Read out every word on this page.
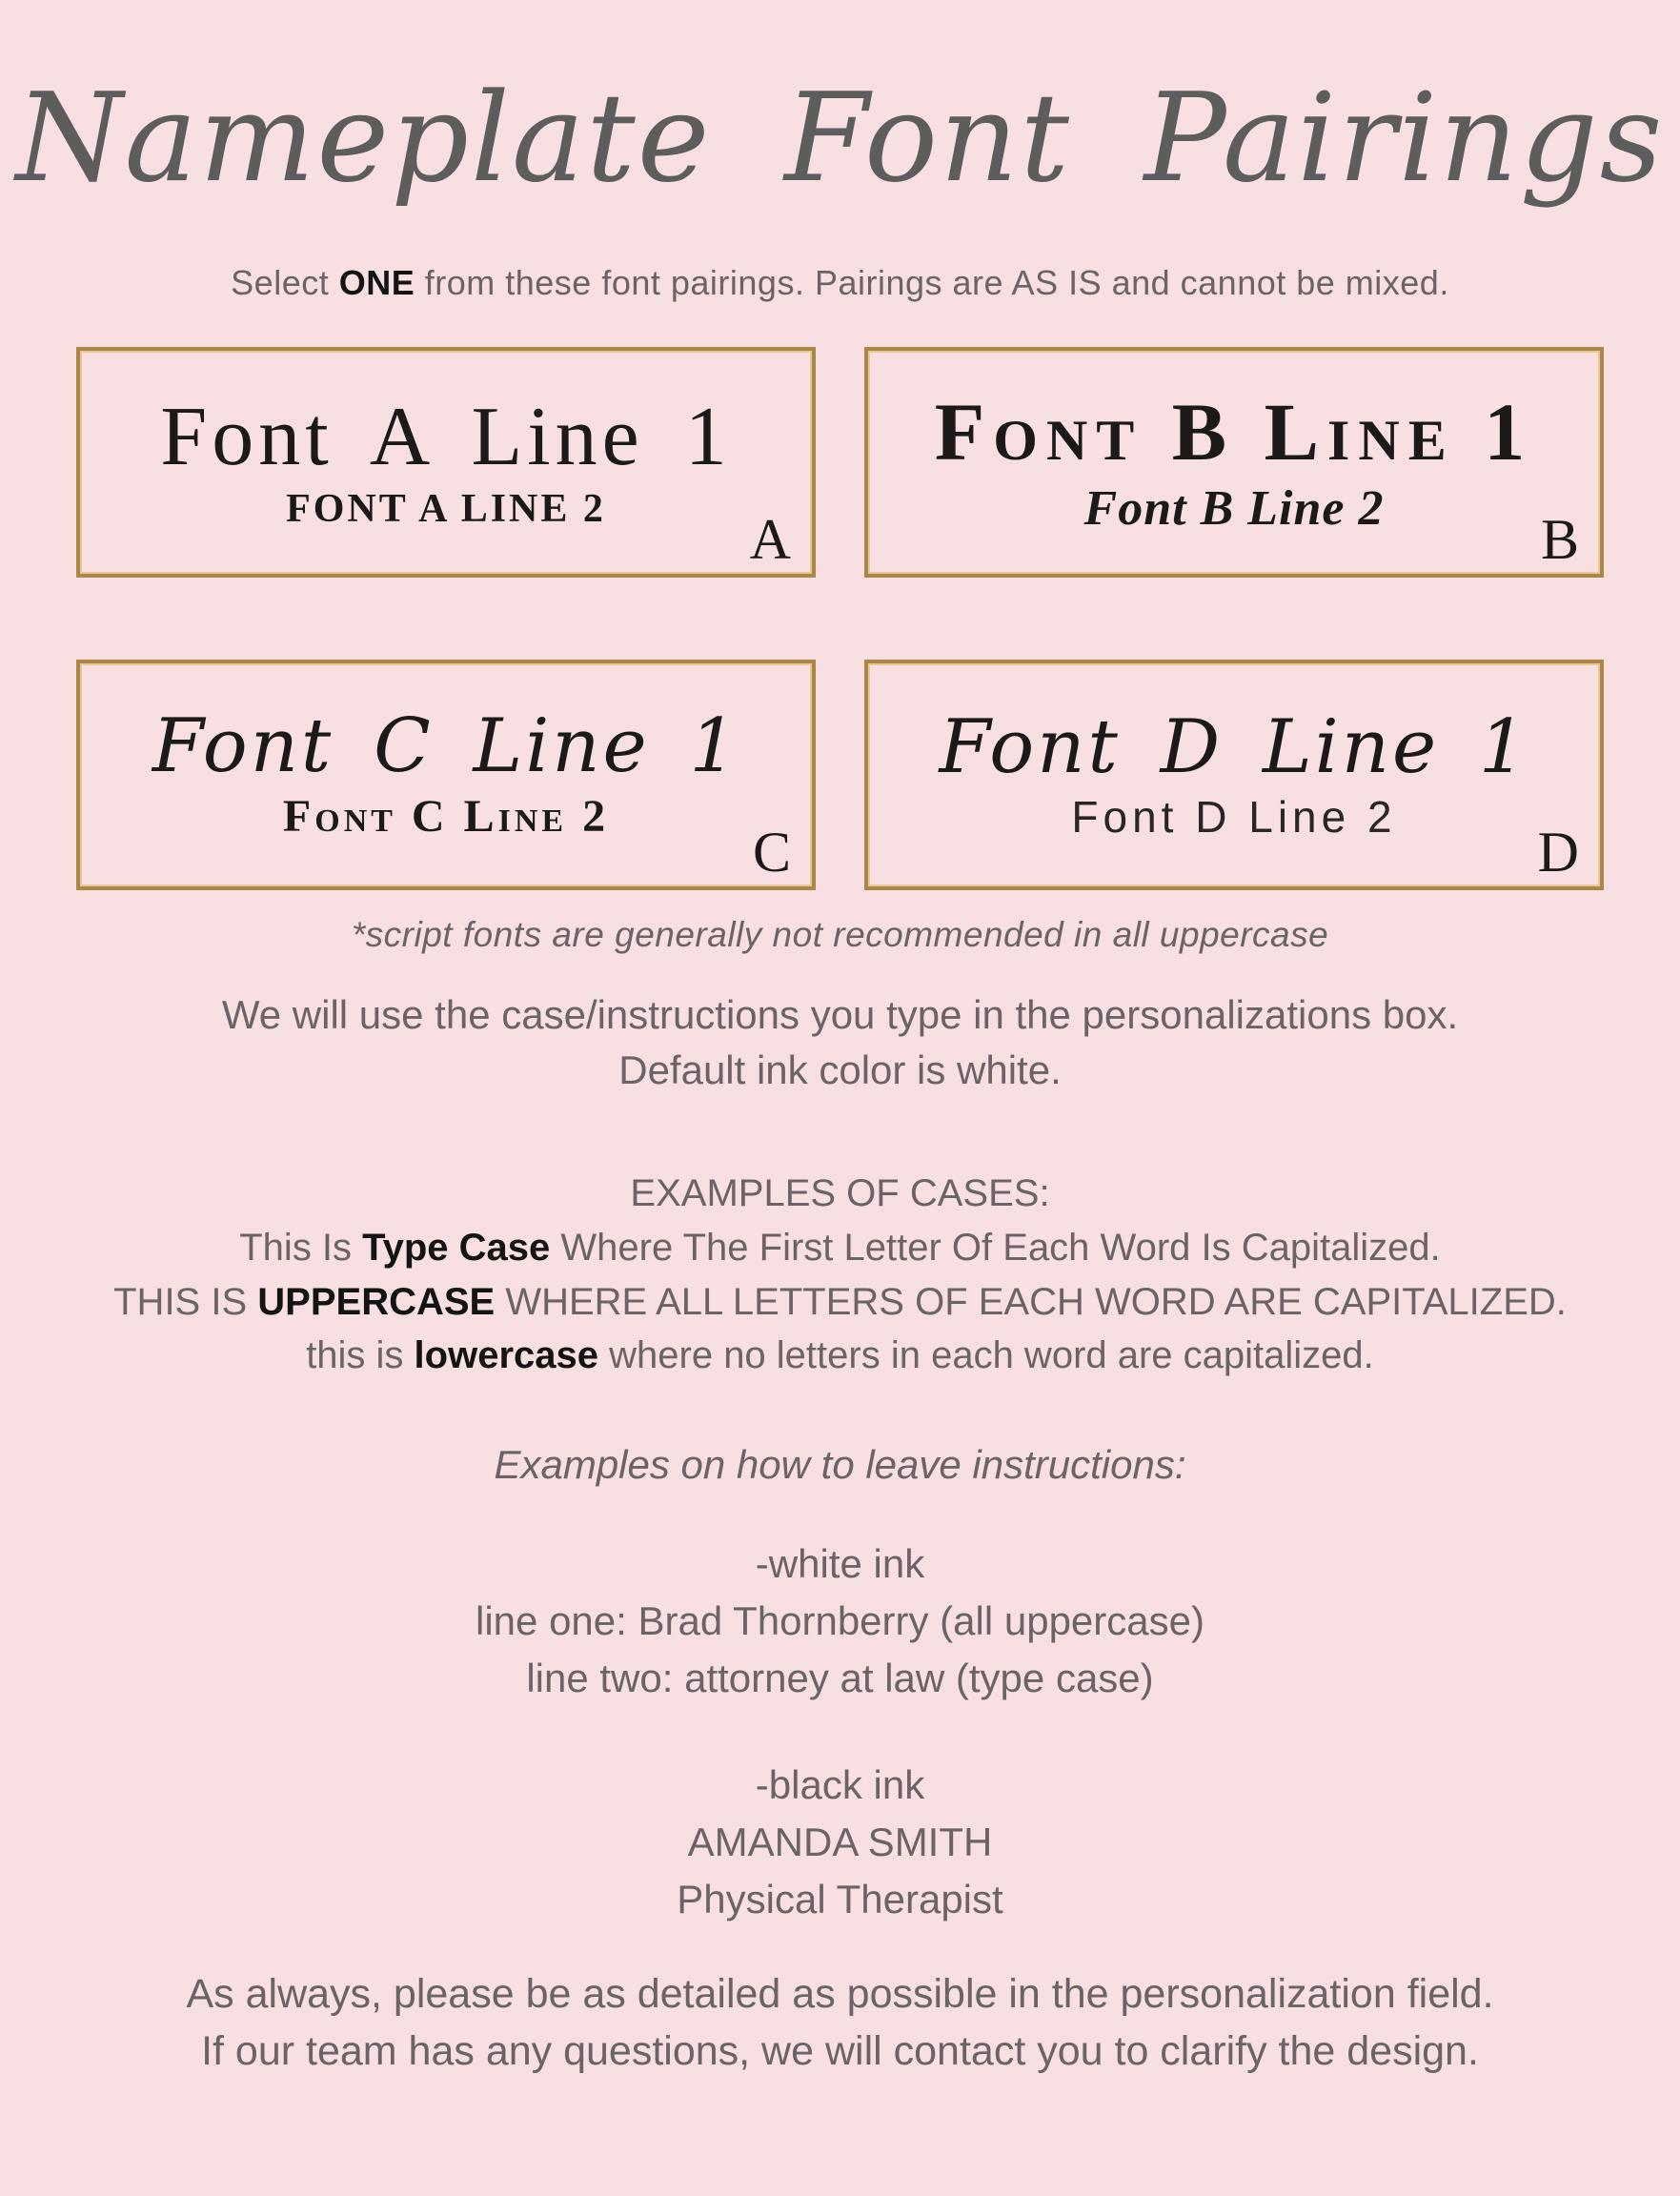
Nameplate Font Pairings
Select ONE from these font pairings. Pairings are AS IS and cannot be mixed.
Font A Line 1
FONT A LINE 2	A
Font B Line 1
Font B Line 2	B
Font C Line 1
Font C Line 2
C
Font D Line 1
Font D Line 2
D
*script fonts are generally not recommended in all uppercase
We will use the case/instructions you type in the personalizations box.
Default ink color is white.
EXAMPLES OF CASES:
This Is Type Case Where The First Letter Of Each Word Is Capitalized.
THIS IS UPPERCASE WHERE ALL LETTERS OF EACH WORD ARE CAPITALIZED.
this is lowercase where no letters in each word are capitalized.
Examples on how to leave instructions:
-white ink
line one: Brad Thornberry (all uppercase)
line two: attorney at law (type case)
-black ink
AMANDA SMITH
Physical Therapist
As always, please be as detailed as possible in the personalization field.
If our team has any questions, we will contact you to clarify the design.
